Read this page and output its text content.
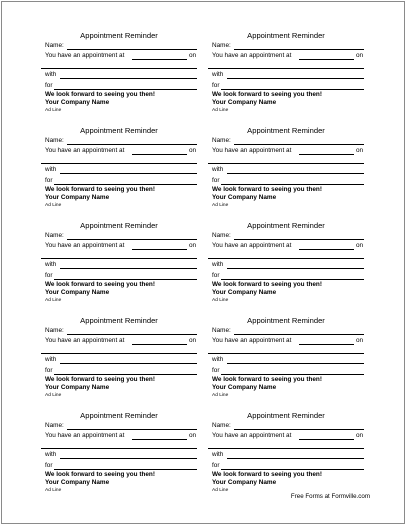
Appointment Reminder
Name:
You have an appointment at	on
with
for
We look forward to seeing you then!
Your Company Name
Ad Line
Appointment Reminder
Name:
You have an appointment at	on
with
for
We look forward to seeing you then!
Your Company Name
Ad Line
Appointment Reminder
Name:
You have an appointment at	on
with
for
We look forward to seeing you then!
Your Company Name
Ad Line
Appointment Reminder
Name:
You have an appointment at	on
with
for
We look forward to seeing you then!
Your Company Name
Ad Line
Appointment Reminder
Name:
You have an appointment at	on
with
for
We look forward to seeing you then!
Your Company Name
Ad Line
Appointment Reminder
Name:
You have an appointment at	on
with
for
We look forward to seeing you then!
Your Company Name
Ad Line
Appointment Reminder
Name:
You have an appointment at	on
with
for
We look forward to seeing you then!
Your Company Name
Ad Line
Appointment Reminder
Name:
You have an appointment at	on
with
for
We look forward to seeing you then!
Your Company Name
Ad Line
Appointment Reminder
Name:
You have an appointment at	on
with
for
We look forward to seeing you then!
Your Company Name
Ad Line
Appointment Reminder
Name:
You have an appointment at	on
with
for
We look forward to seeing you then!
Your Company Name
Ad Line
Free Forms at Formville.com
